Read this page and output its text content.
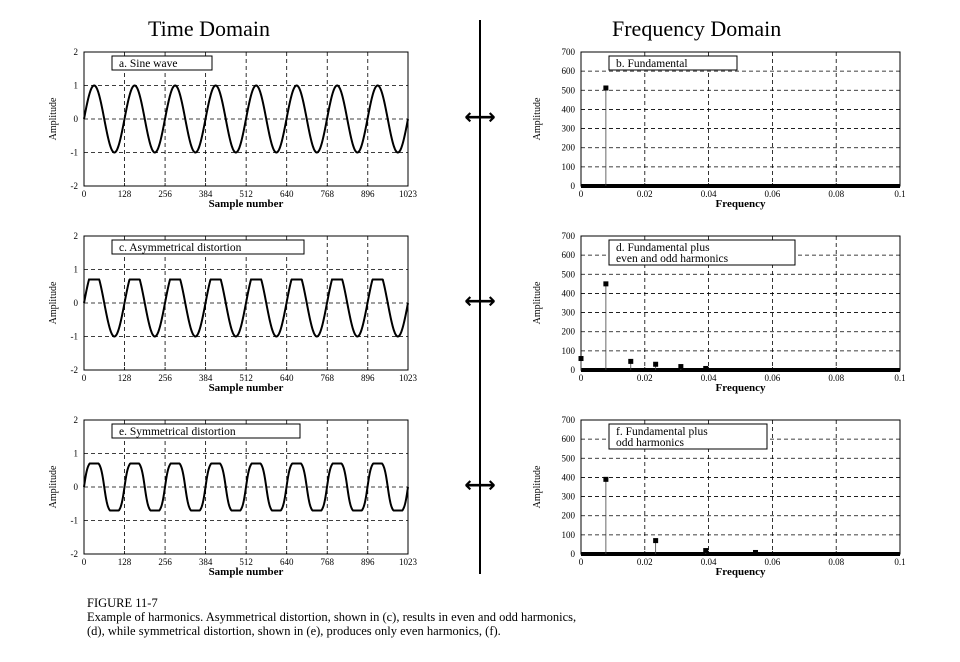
Time Domain	Frequency Domain
0	128	256	384	512	640	768	896	1023
-2
-1
0
1
2
Sample number
Amplitude
a. Sine wave
0	0.02	0.04	0.06	0.08	0.1
0
100
200
300
400
500
600
700
Frequency
Amplitude
b. Fundamental
0	128	256	384	512	640	768	896	1023
-2
-1
0
1
2
Sample number
Amplitude
c. Asymmetrical distortion
0	0.02	0.04	0.06	0.08	0.1
0
100
200
300
400
500
600
700
Frequency
Amplitude
d. Fundamental plus
even and odd harmonics
0	128	256	384	512	640	768	896	1023
-2
-1
0
1
2
Sample number
Amplitude
e. Symmetrical distortion
0	0.02	0.04	0.06	0.08	0.1
0
100
200
300
400
500
600
700
Frequency
Amplitude
f. Fundamental plus
odd harmonics
⟷
⟷
⟷
FIGURE 11-7
Example of harmonics. Asymmetrical distortion, shown in (c), results in even and odd harmonics,
(d), while symmetrical distortion, shown in (e), produces only even harmonics, (f).
